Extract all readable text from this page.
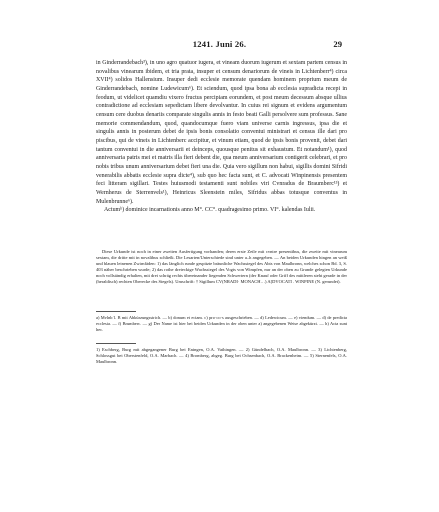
1241. Juni 26.	29

in Ginderrandebach³), in uno agro quatuor iugera, et vineam duorum iugerum et sextam partem census in novalibus vinearum ibidem, et tria prata, insuper et censum denariorum de vineis in Lichtenberr⁴) circa XVII⁴) solidos Hallensium. Insuper dedi ecclesie memorate quendam hominem proprium meum de Ginderrandebach, nomine Ludewicum⁶). Et sciendum, quod ipsa bona ab ecclesia supradicta recepi in feodum, ut videlicet quamdiu vixero fructus percipiam eorundem, et post meum decessum absque ullius contradictione ad ecclesiam sepedictam libere devolvantur. In cuius rei signum et evidens argumentum censum cere duobus denariis comparate singulis annis in festo beati Galli persolvere sum professus. Sane memorie commendandum, quod, quandocumque fuero viam universe carnis ingressus, ipsa die et singulis annis in posterum debet de ipsis bonis consolatio conventui ministrari et census ille dari pro piscibus, qui de vineis in Lichtenberc accipitur, et vinum etiam, quod de ipsis bonis provenit, debet dari tantum conventui in die anniversarii et deinceps, quousque penitus sit exhaustum. Et notandum¹), quod anniversaria patris mei et matris illa fieri debent die, qua meum anniversarium contigerit celebrari, et pro nobis tribus unum anniversarium debet fieri una die. Quia vero sigillum non habui, sigillis domini Sifridi venerabilis abbatis ecclesie supra dicte⁴), sub quo hec facta sunt, et C. advocati Winpinensis presentem feci litteram sigillari. Testes huiusmodi testamenti sunt nobiles viri Cvnradus de Braumberc¹³) et Wernherus de Sterrenvels¹), Heinricus Sleenstein miles, Sifridus abbas totusque conventus in Mulenbrunne⁶).

Actumʰ) dominice incarnationis anno M°. CC°. quadragesimo primo. VI°. kalendas Iulii.

Diese Urkunde ist noch in einer zweiten Ausfertigung vorhanden; deren erste Zeile mit cvntre presentibus, die zweite mit vinearum sextam, die dritte mit in novalibus schließt. Die Lesarten/Unterschiede sind unter a–h angegeben. — An beiden Urkunden hingen an weiß und blauen leinenen Zwirnfäden: 1) das länglich runde gespitzte bräunliche Wachssiegel des Abts von Maulbronn, welches schon Bd. 3, S. 403 näher beschrieben wurde; 2) das rothe dreieckige Wachssiegel des Vogts von Wimpfen, nur an der oben zu Grunde gelegten Urkunde noch vollständig erhalten, mit drei schräg rechts übereinander liegenden Schwertern (der Knauf oder Griff des mittleren steht gerade in der (heraldisch) rechten Oberecke des Siegels). Umschrift: † Sigillum CV(NRADI· MONACH…) A[DVOCATI . WINPINE (N. gerundet).

a) Mvlnbˈl. B mit Abkürzungsstrich. — b) donum et eciam. c) pro·co·s ausgeschrieben. — d) Ledewicum. — e) viendum. — d) de predicta ecclesia. — f) Brumberc. — g) Der Name ist hier bei beiden Urkunden in der oben unter a) angegebenen Weise abgekürzt. — h) Acta sunt hec.

1) Eschberg, Burg mit abgegangener Burg bei Eningen, O.A. Vaihingen. — 2) Gündelbach, O.A. Maulbronn. — 3) Lichtenberg, Schlossgut bei Oberstenfeld, O.A. Marbach. — 4) Bromberg, abgeg. Burg bei Ochsenbach, O.A. Brackenheim. — 5) Sternenfels, O.A. Maulbronn.
